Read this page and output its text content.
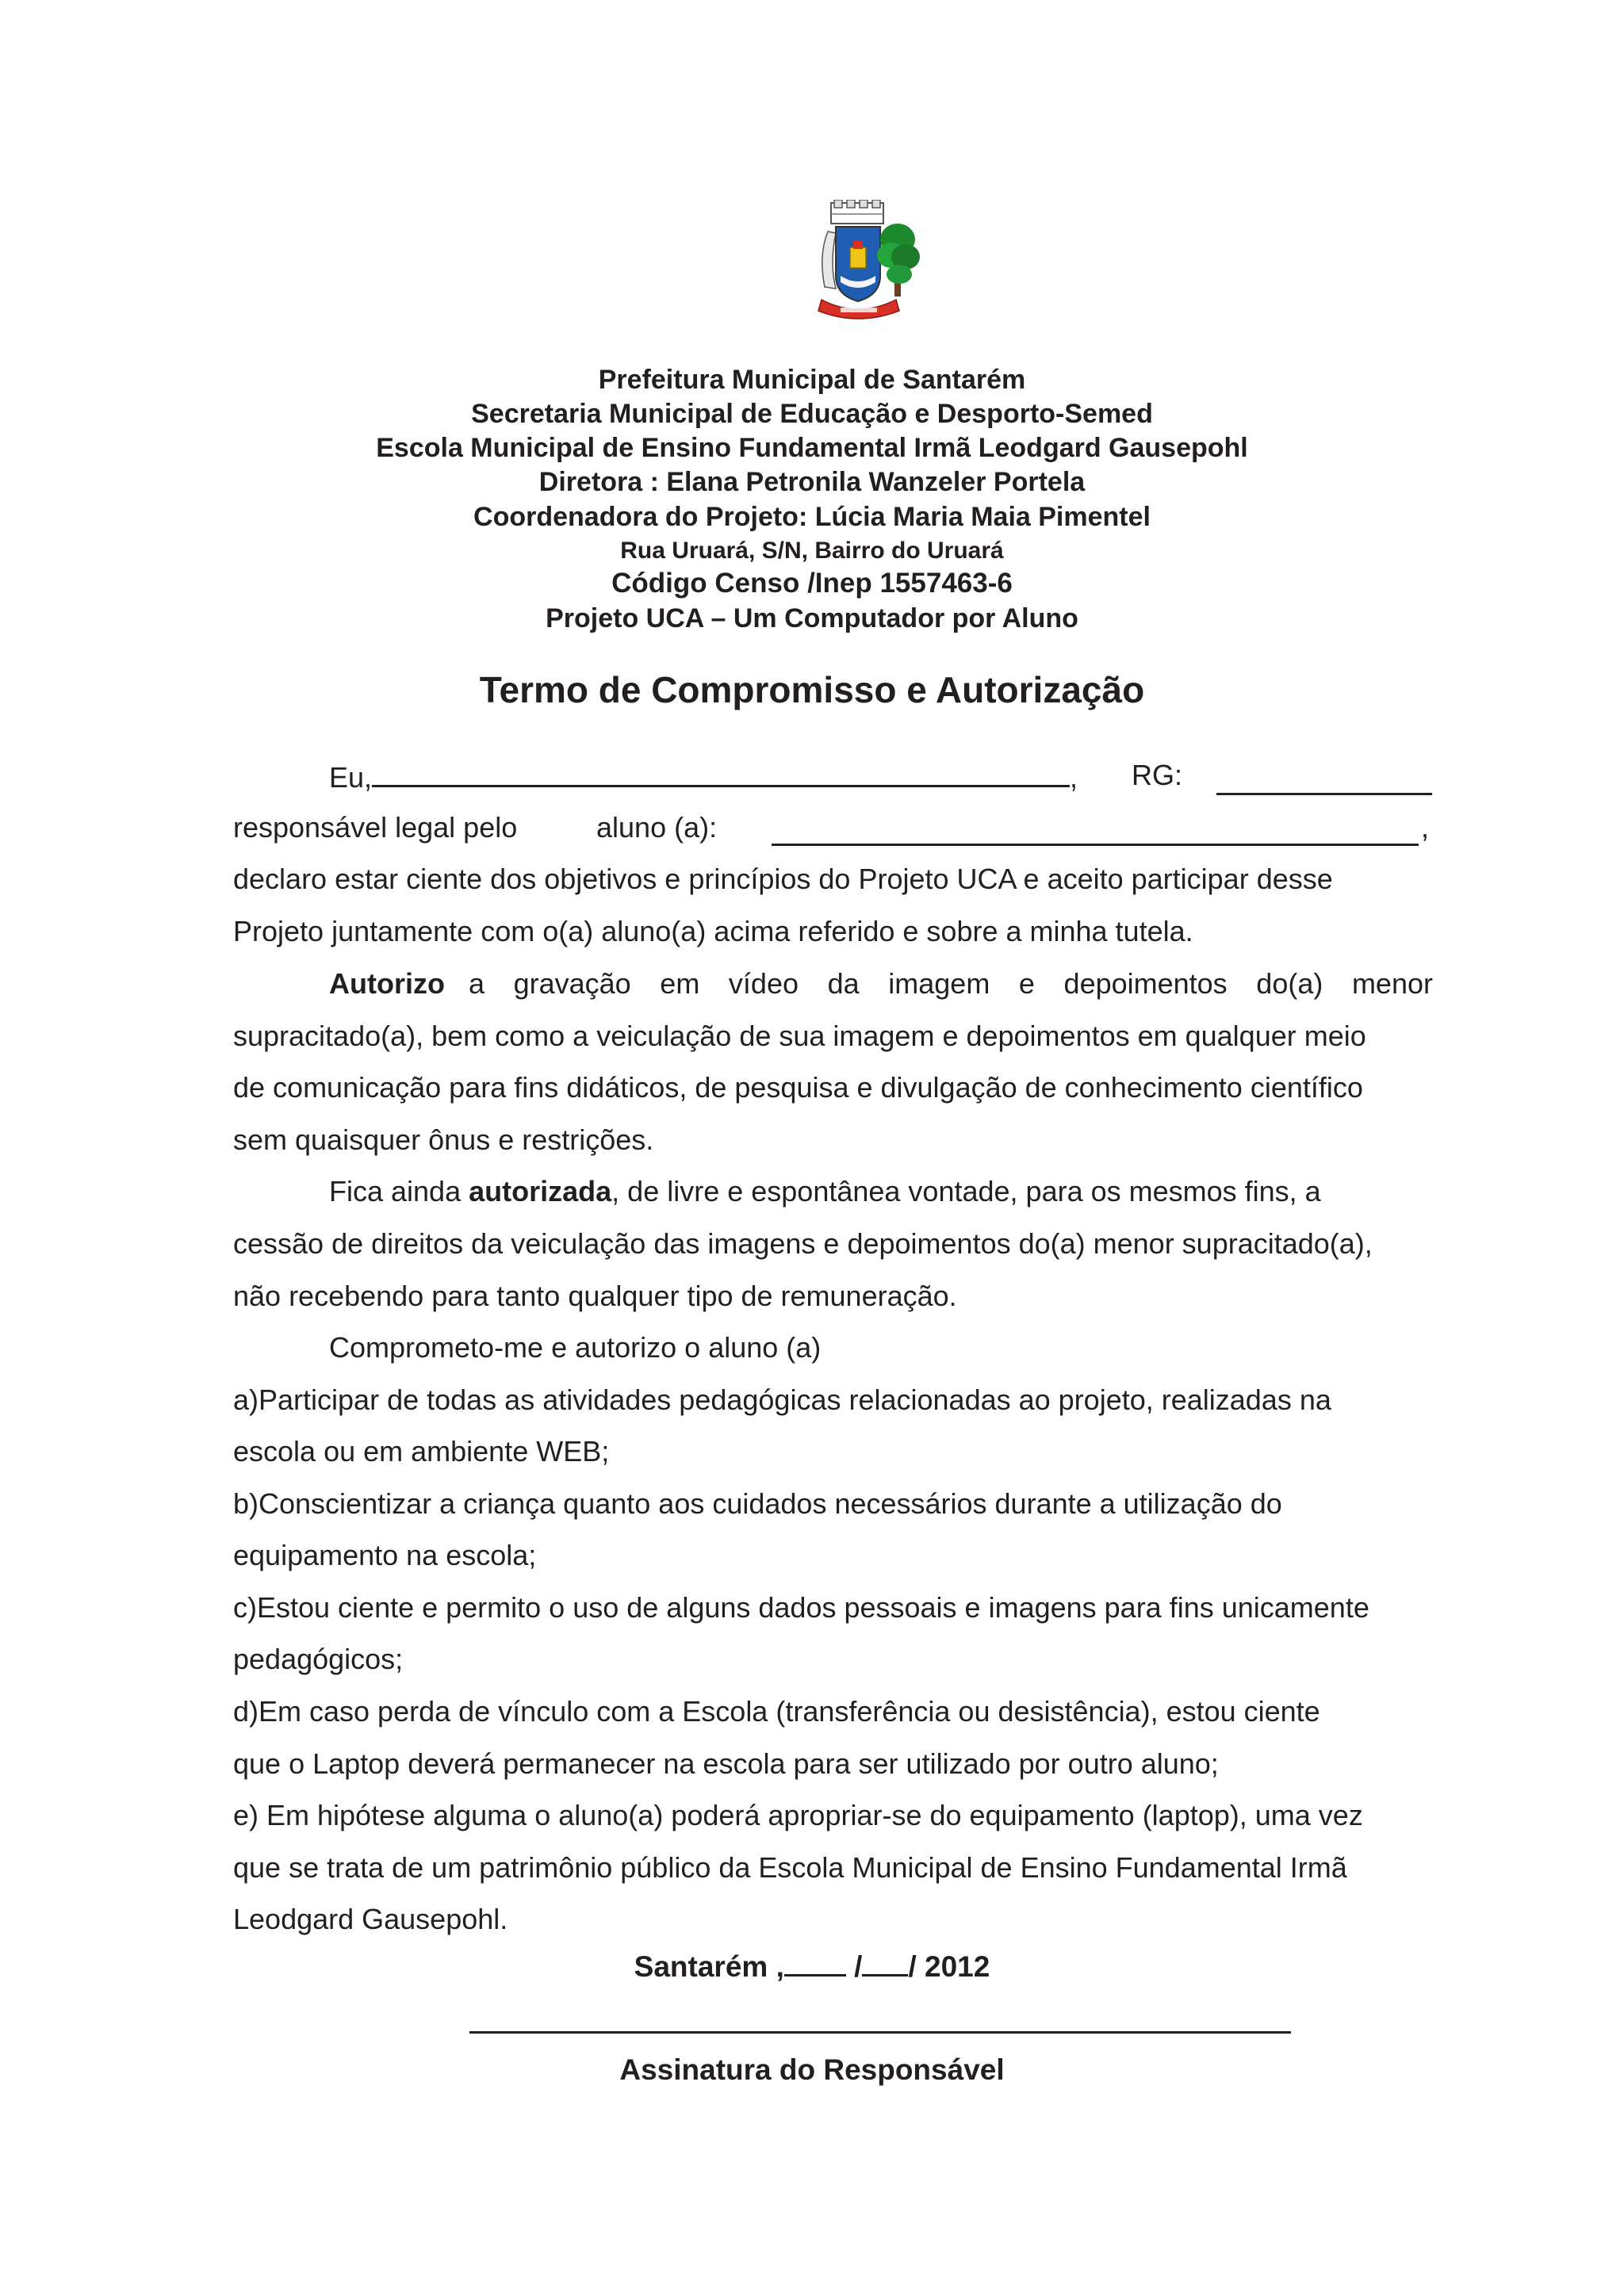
Prefeitura Municipal de Santarém
Secretaria Municipal de Educação e Desporto-Semed
Escola Municipal de Ensino Fundamental Irmã Leodgard Gausepohl
Diretora : Elana Petronila Wanzeler Portela
Coordenadora do Projeto: Lúcia Maria Maia Pimentel
Rua Uruará, S/N, Bairro do Uruará
Código Censo /Inep 1557463-6
Projeto UCA – Um Computador por Aluno
Termo de Compromisso e Autorização
Eu,	, RG:
responsável legal pelo	aluno (a):	,
declaro estar ciente dos objetivos e princípios do Projeto UCA e aceito participar desse
Projeto juntamente com o(a) aluno(a) acima referido e sobre a minha tutela.
Autorizo a gravação em vídeo da imagem e depoimentos do(a) menor
supracitado(a), bem como a veiculação de sua imagem e depoimentos em qualquer meio
de comunicação para fins didáticos, de pesquisa e divulgação de conhecimento científico
sem quaisquer ônus e restrições.
Fica ainda autorizada, de livre e espontânea vontade, para os mesmos fins, a
cessão de direitos da veiculação das imagens e depoimentos do(a) menor supracitado(a),
não recebendo para tanto qualquer tipo de remuneração.
Comprometo-me e autorizo o aluno (a)
a)Participar de todas as atividades pedagógicas relacionadas ao projeto, realizadas na
escola ou em ambiente WEB;
b)Conscientizar a criança quanto aos cuidados necessários durante a utilização do
equipamento na escola;
c)Estou ciente e permito o uso de alguns dados pessoais e imagens para fins unicamente
pedagógicos;
d)Em caso perda de vínculo com a Escola (transferência ou desistência), estou ciente
que o Laptop deverá permanecer na escola para ser utilizado por outro aluno;
e) Em hipótese alguma o aluno(a) poderá apropriar-se do equipamento (laptop), uma vez
que se trata de um patrimônio público da Escola Municipal de Ensino Fundamental Irmã
Leodgard Gausepohl.
Santarém , / / 2012
Assinatura do Responsável
